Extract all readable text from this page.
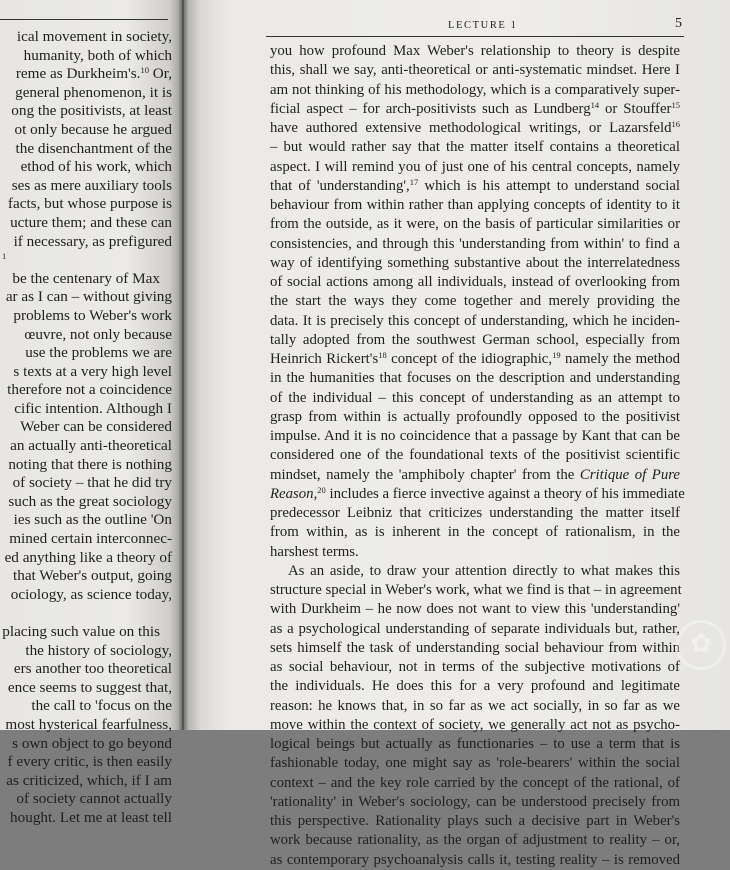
ical movement in society,
humanity, both of which
reme as Durkheim's.$^{10}$ Or,
general phenomenon, it is
ong the positivists, at least
ot only because he argued
the disenchantment of the
ethod of his work, which
ses as mere auxiliary tools
facts, but whose purpose is
ucture them; and these can
if necessary, as prefigured
$^1$
be the centenary of Max
ar as I can – without giving
problems to Weber's work
œuvre, not only because
use the problems we are
s texts at a very high level
therefore not a coincidence
cific intention. Although I
Weber can be considered
an actually anti-theoretical
noting that there is nothing
of society – that he did try
such as the great sociology
ies such as the outline 'On
mined certain interconnec-
ed anything like a theory of
that Weber's output, going
ociology, as science today,
placing such value on this
the history of sociology,
ers another too theoretical
ence seems to suggest that,
the call to 'focus on the
most hysterical fearfulness,
s own object to go beyond
f every critic, is then easily
as criticized, which, if I am
of society cannot actually
hought. Let me at least tell
LECTURE 1	5
you how profound Max Weber's relationship to theory is despite
this, shall we say, anti-theoretical or anti-systematic mindset. Here I
am not thinking of his methodology, which is a comparatively super-
ficial aspect – for arch-positivists such as Lundberg$^{14}$ or Stouffer$^{15}$
have authored extensive methodological writings, or Lazarsfeld$^{16}$
– but would rather say that the matter itself contains a theoretical
aspect. I will remind you of just one of his central concepts, namely
that of 'understanding',$^{17}$ which is his attempt to understand social
behaviour from within rather than applying concepts of identity to it
from the outside, as it were, on the basis of particular similarities or
consistencies, and through this 'understanding from within' to find a
way of identifying something substantive about the interrelatedness
of social actions among all individuals, instead of overlooking from
the start the ways they come together and merely providing the
data. It is precisely this concept of understanding, which he inciden-
tally adopted from the southwest German school, especially from
Heinrich $Rickert's^{18}$ concept of the idiographic,$^{19}$ namely the method
in the humanities that focuses on the description and understanding
of the individual – this concept of understanding as an attempt to
grasp from within is actually profoundly opposed to the positivist
impulse. And it is no coincidence that a passage by Kant that can be
considered one of the foundational texts of the positivist scientific
mindset, namely the 'amphiboly chapter' from the Critique of Pure
Reason,$^{20}$ includes a fierce invective against a theory of his immediate
predecessor Leibniz that criticizes understanding the matter itself
from within, as is inherent in the concept of rationalism, in the
harshest terms.
As an aside, to draw your attention directly to what makes this
structure special in Weber's work, what we find is that – in agreement
with Durkheim – he now does not want to view this 'understanding'
as a psychological understanding of separate individuals but, rather,
sets himself the task of understanding social behaviour from within
as social behaviour, not in terms of the subjective motivations of
the individuals. He does this for a very profound and legitimate
reason: he knows that, in so far as we act socially, in so far as we
move within the context of society, we generally act not as psycho-
logical beings but actually as functionaries – to use a term that is
fashionable today, one might say as 'role-bearers' within the social
context – and the key role carried by the concept of the rational, of
'rationality' in Weber's sociology, can be understood precisely from
this perspective. Rationality plays such a decisive part in Weber's
work because rationality, as the organ of adjustment to reality – or,
as contemporary psychoanalysis calls it, testing reality – is removed
✿
